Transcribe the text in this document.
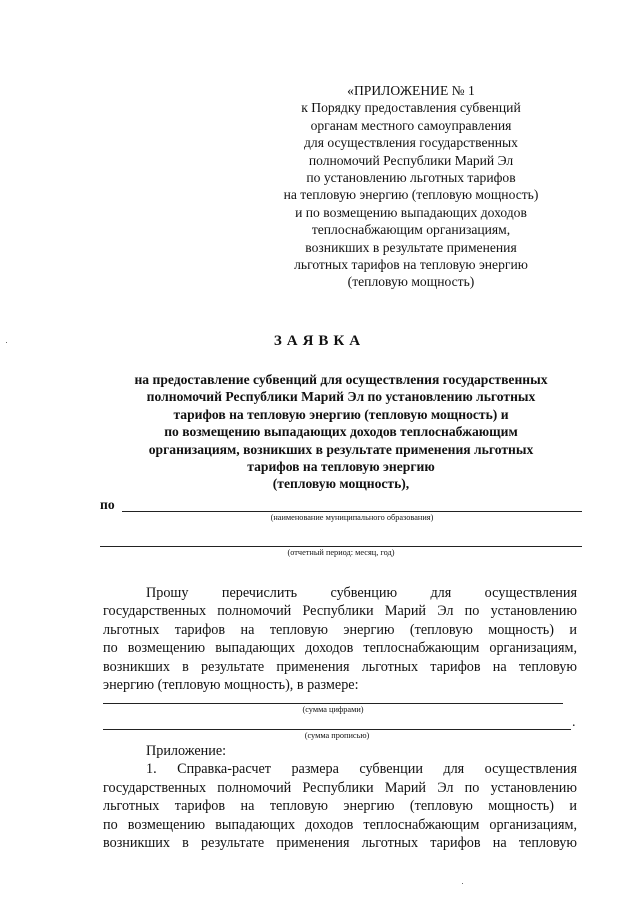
«ПРИЛОЖЕНИЕ № 1
к Порядку предоставления субвенций
органам местного самоуправления
для осуществления государственных
полномочий Республики Марий Эл
по установлению льготных тарифов
на тепловую энергию (тепловую мощность)
и по возмещению выпадающих доходов
теплоснабжающим организациям,
возникших в результате применения
льготных тарифов на тепловую энергию
(тепловую мощность)
ЗАЯВКА
на предоставление субвенций для осуществления государственных
полномочий Республики Марий Эл по установлению льготных
тарифов на тепловую энергию (тепловую мощность) и
по возмещению выпадающих доходов теплоснабжающим
организациям, возникших в результате применения льготных
тарифов на тепловую энергию
(тепловую мощность),
по
(наименование муниципального образования)
(отчетный период: месяц, год)
Прошу перечислить субвенцию для осуществления
государственных полномочий Республики Марий Эл по установлению
льготных тарифов на тепловую энергию (тепловую мощность) и
по возмещению выпадающих доходов теплоснабжающим организациям,
возникших в результате применения льготных тарифов на тепловую
энергию (тепловую мощность), в размере:
(сумма цифрами)
.
(сумма прописью)
Приложение:
1. Справка-расчет размера субвенции для осуществления
государственных полномочий Республики Марий Эл по установлению
льготных тарифов на тепловую энергию (тепловую мощность) и
по возмещению выпадающих доходов теплоснабжающим организациям,
возникших в результате применения льготных тарифов на тепловую
